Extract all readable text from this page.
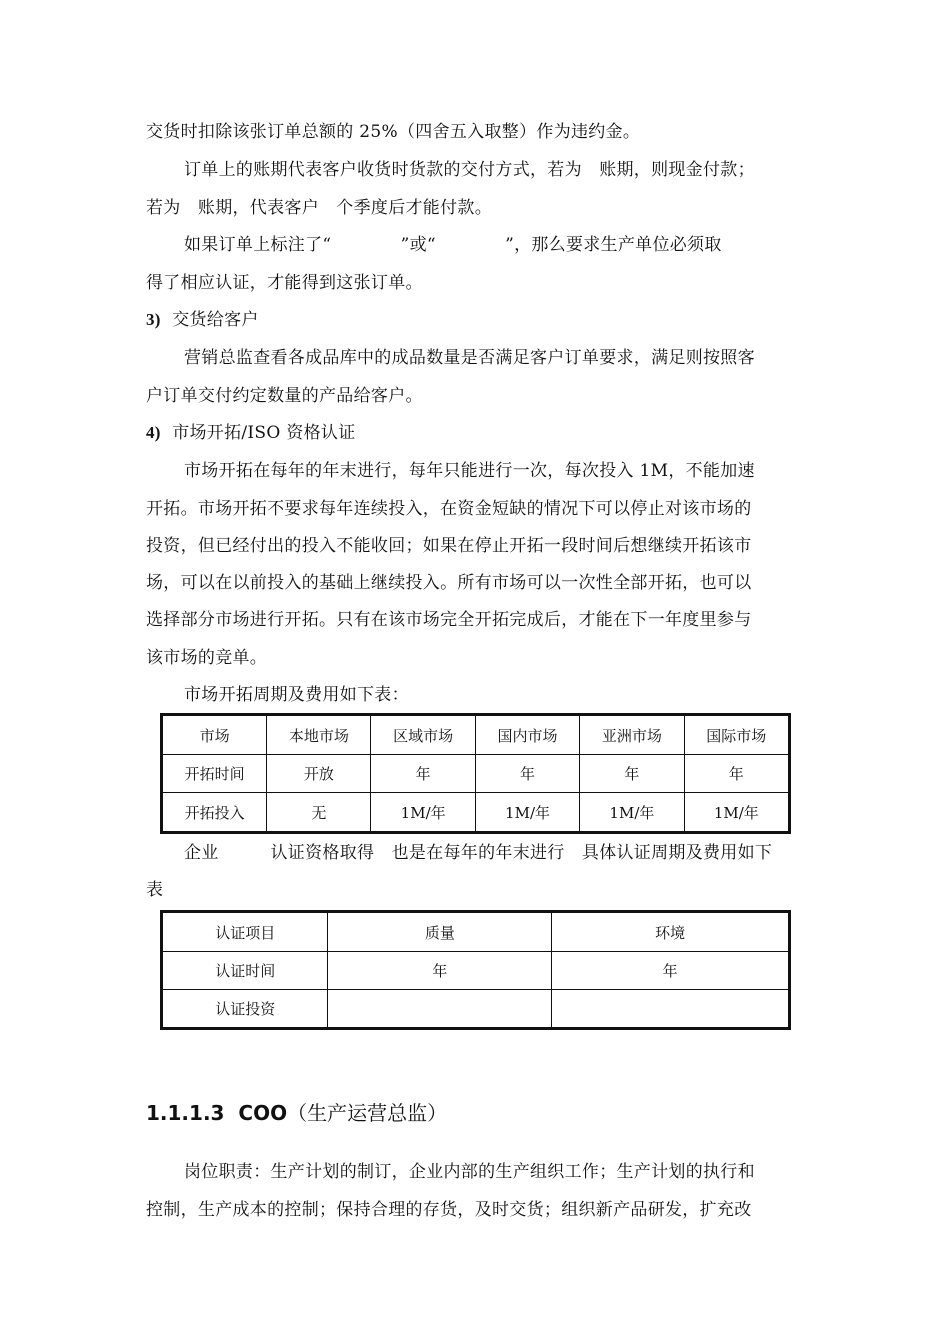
交货时扣除该张订单总额的 25%（四舍五入取整）作为违约金。
订单上的账期代表客户收货时货款的交付方式，若为　账期，则现金付款；
若为　账期，代表客户　个季度后才能付款。
如果订单上标注了“　　　　”或“　　　　”，那么要求生产单位必须取
得了相应认证，才能得到这张订单。
3) 交货给客户
营销总监查看各成品库中的成品数量是否满足客户订单要求，满足则按照客
户订单交付约定数量的产品给客户。
4) 市场开拓/ISO 资格认证
市场开拓在每年的年末进行，每年只能进行一次，每次投入 1M，不能加速
开拓。市场开拓不要求每年连续投入，在资金短缺的情况下可以停止对该市场的
投资，但已经付出的投入不能收回；如果在停止开拓一段时间后想继续开拓该市
场，可以在以前投入的基础上继续投入。所有市场可以一次性全部开拓，也可以
选择部分市场进行开拓。只有在该市场完全开拓完成后，才能在下一年度里参与
该市场的竞单。
市场开拓周期及费用如下表：
市场	本地市场	区域市场	国内市场	亚洲市场	国际市场
开拓时间	开放	年	年	年	年
开拓投入	无	1M/年	1M/年	1M/年	1M/年
企业　　　认证资格取得　也是在每年的年末进行　具体认证周期及费用如下
表
认证项目	质量	环境
认证时间	年	年
认证投资		
1.1.1.3 COO（生产运营总监）
岗位职责：生产计划的制订，企业内部的生产组织工作；生产计划的执行和
控制，生产成本的控制；保持合理的存货，及时交货；组织新产品研发，扩充改
